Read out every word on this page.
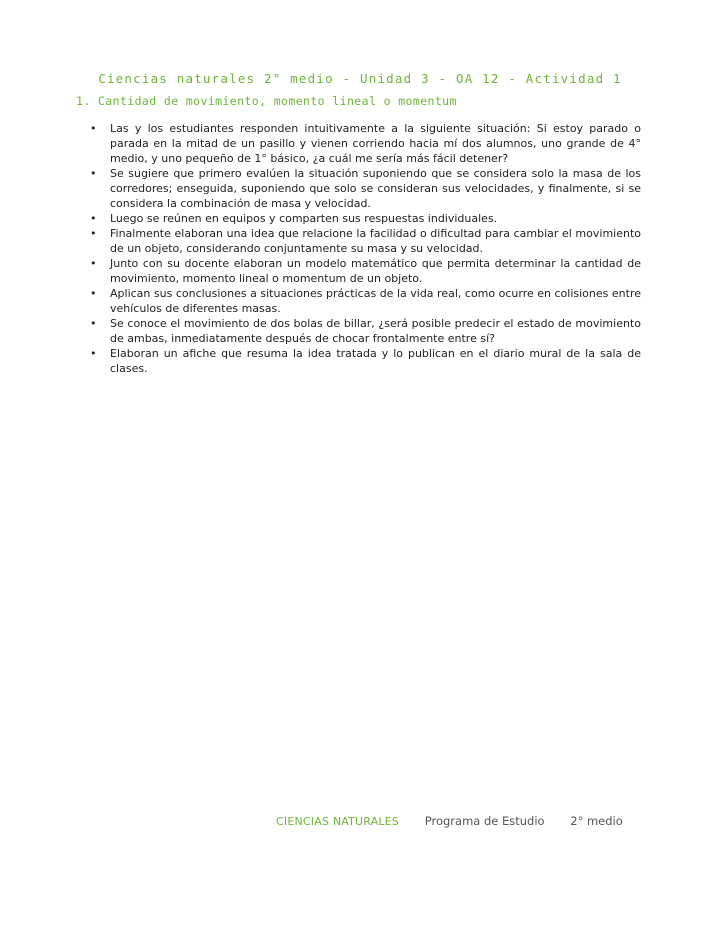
Ciencias naturales 2° medio - Unidad 3 - OA 12 - Actividad 1
1. Cantidad de movimiento, momento lineal o momentum
• Las y los estudiantes responden intuitivamente a la siguiente situación: Si estoy parado o parada en la mitad de un pasillo y vienen corriendo hacia mí dos alumnos, uno grande de 4° medio, y uno pequeño de 1° básico, ¿a cuál me sería más fácil detener?
• Se sugiere que primero evalúen la situación suponiendo que se considera solo la masa de los corredores; enseguida, suponiendo que solo se consideran sus velocidades, y finalmente, si se considera la combinación de masa y velocidad.
• Luego se reúnen en equipos y comparten sus respuestas individuales.
• Finalmente elaboran una idea que relacione la facilidad o dificultad para cambiar el movimiento de un objeto, considerando conjuntamente su masa y su velocidad.
• Junto con su docente elaboran un modelo matemático que permita determinar la cantidad de movimiento, momento lineal o momentum de un objeto.
• Aplican sus conclusiones a situaciones prácticas de la vida real, como ocurre en colisiones entre vehículos de diferentes masas.
• Se conoce el movimiento de dos bolas de billar, ¿será posible predecir el estado de movimiento de ambas, inmediatamente después de chocar frontalmente entre sí?
• Elaboran un afiche que resuma la idea tratada y lo publican en el diario mural de la sala de clases.
CIENCIAS NATURALES Programa de Estudio 2° medio
